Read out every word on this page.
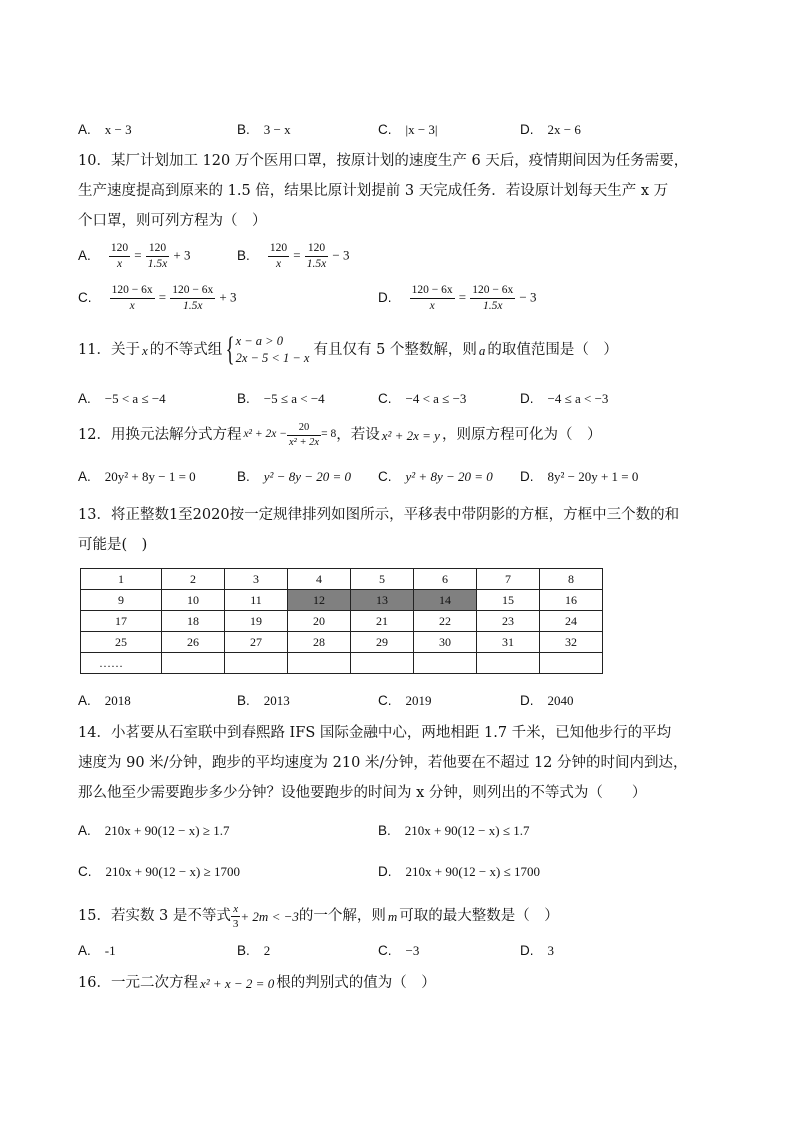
A. x − 3	B. 3 − x	C. |x − 3|	D. 2x − 6
10．某厂计划加工 120 万个医用口罩，按原计划的速度生产 6 天后，疫情期间因为任务需要，
生产速度提高到原来的 1.5 倍，结果比原计划提前 3 天完成任务．若设原计划每天生产 x 万
个口罩，则可列方程为（　）
A. $\frac{120}{x} = \frac{120}{1.5x} + 3$	B. $\frac{120}{x} = \frac{120}{1.5x} - 3$
C. $\frac{120 - 6x}{x} = \frac{120 - 6x}{1.5x} + 3$	D. $\frac{120 - 6x}{x} = \frac{120 - 6x}{1.5x} - 3$
11．关于 x 的不等式组 { x − a > 0
2x − 5 < 1 − x
有且仅有 5 个整数解，则 a 的取值范围是（　）
A. −5 < a ≤ −4	B. −5 ≤ a < −4	C. −4 < a ≤ −3	D. −4 ≤ a < −3
12．用换元法解分式方程 $x^2 + 2x - \frac{20}{\text{x² + 2x}} = 8$ ，若设 x² + 2x = y ，则原方程可化为（　）
A. 20y² + 8y − 1 = 0	B. y² − 8y − 20 = 0 C. y² + 8y − 20 = 0 D. 8y² − 20y + 1 = 0
13．将正整数1至2020按一定规律排列如图所示，平移表中带阴影的方框，方框中三个数的和
可能是(　)
1	2	3	4	5	6	7	8
9	10	11	12	13	14	15	16
17	18	19	20	21	22	23	24
25	26	27	28	29	30	31	32
……							
A. 2018	B. 2013	C. 2019	D. 2040
14．小茗要从石室联中到春熙路 IFS 国际金融中心，两地相距 1.7 千米，已知他步行的平均
速度为 90 米/分钟，跑步的平均速度为 210 米/分钟，若他要在不超过 12 分钟的时间内到达，
那么他至少需要跑步多少分钟？设他要跑步的时间为 x 分钟，则列出的不等式为（　　）
A. 210x + 90(12 − x) ≥ 1.7	B. 210x + 90(12 − x) ≤ 1.7
C. 210x + 90(12 − x) ≥ 1700	D. 210x + 90(12 − x) ≤ 1700
15．若实数 3 是不等式 $\frac{x}{3} + 2m < -3$ 的一个解，则 m 可取的最大整数是（　）
A. -1	B. 2	C. −3	D. 3
16．一元二次方程 x² + x − 2 = 0 根的判别式的值为（　）
